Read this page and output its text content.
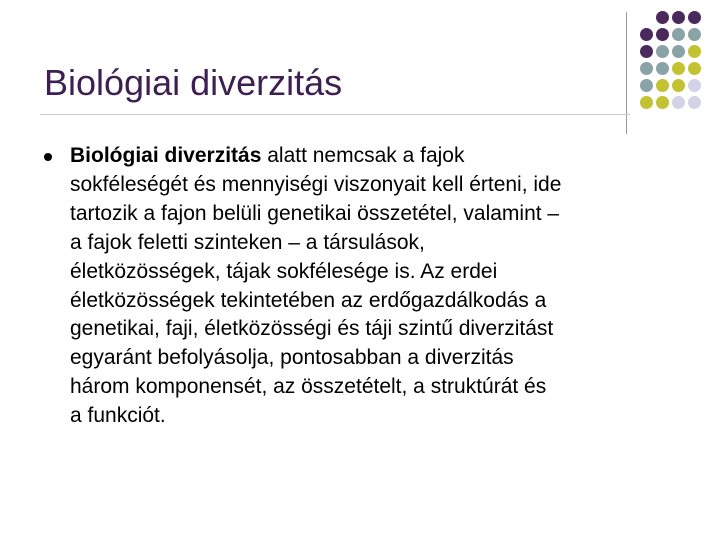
Biológiai diverzitás
Biológiai diverzitás alatt nemcsak a fajok
sokféleségét és mennyiségi viszonyait kell érteni, ide
tartozik a fajon belüli genetikai összetétel, valamint –
a fajok feletti szinteken – a társulások,
életközösségek, tájak sokfélesége is. Az erdei
életközösségek tekintetében az erdőgazdálkodás a
genetikai, faji, életközösségi és táji szintű diverzitást
egyaránt befolyásolja, pontosabban a diverzitás
három komponensét, az összetételt, a struktúrát és
a funkciót.
